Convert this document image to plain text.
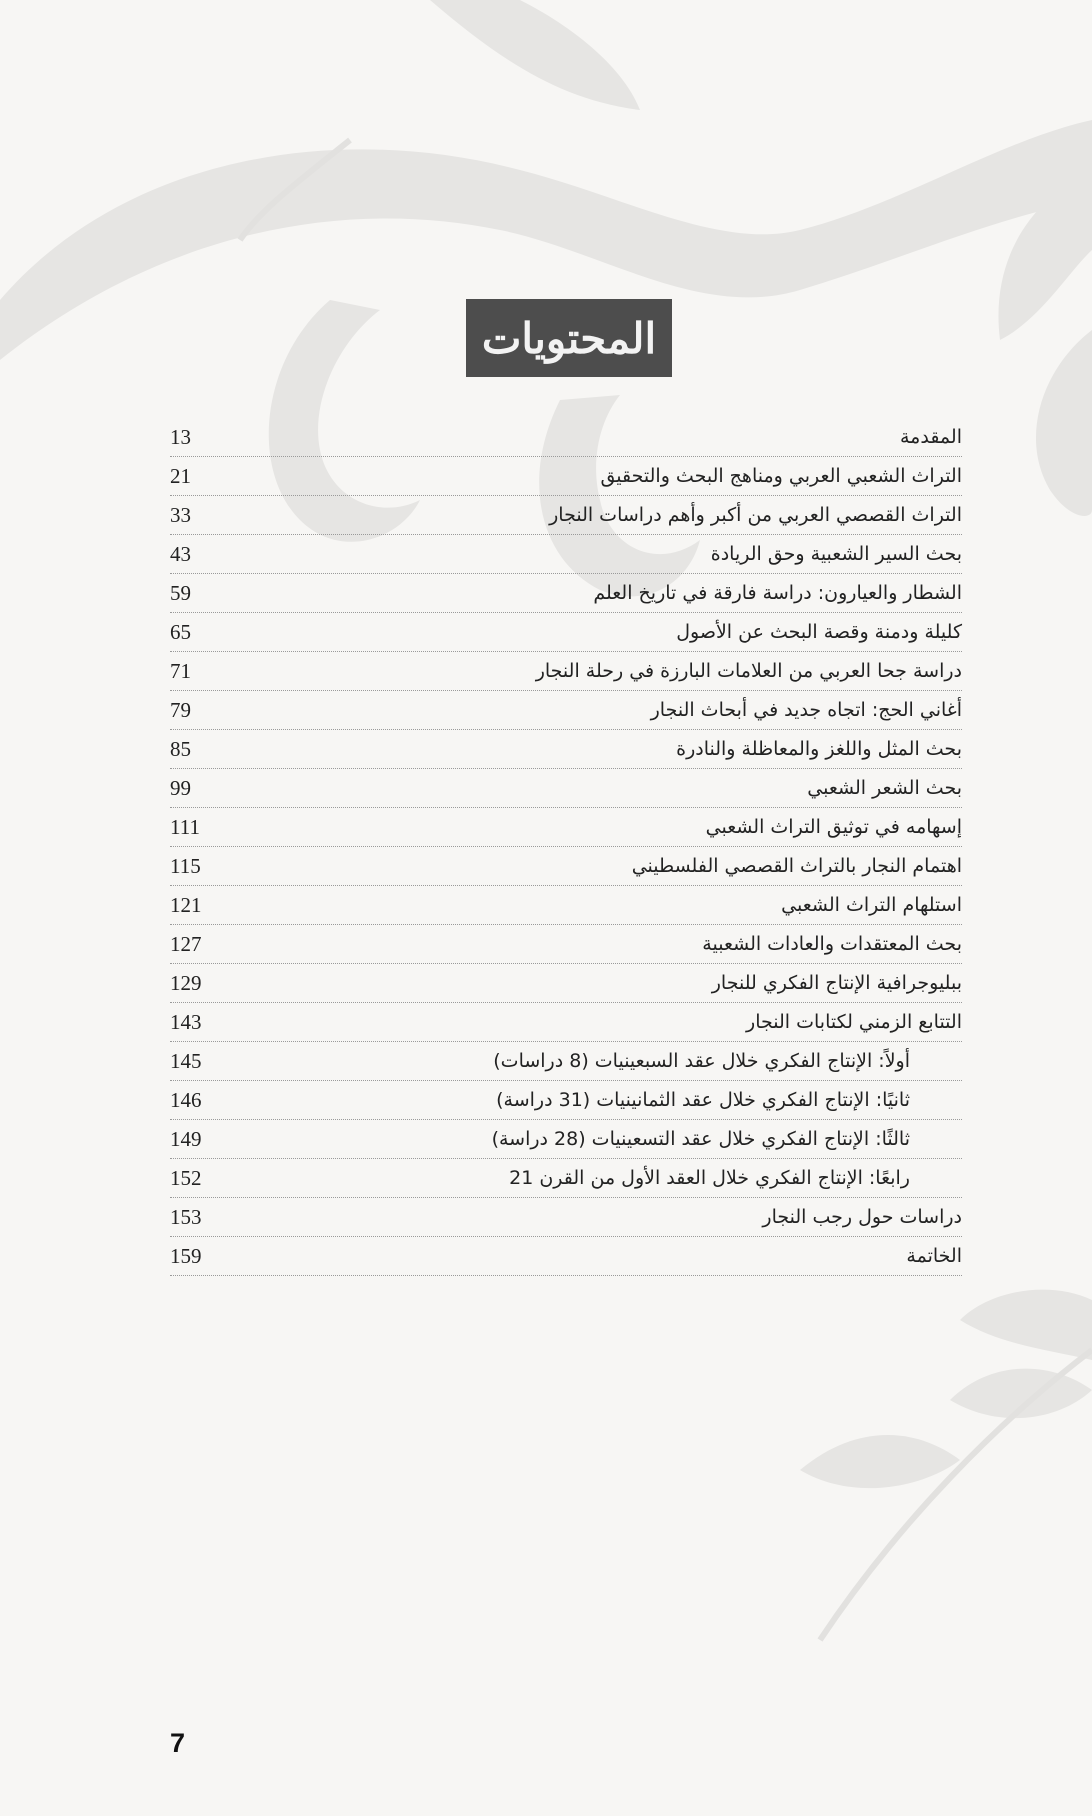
المحتويات
13	المقدمة
21	التراث الشعبي العربي ومناهج البحث والتحقيق
33	التراث القصصي العربي من أكبر وأهم دراسات النجار
43	بحث السير الشعبية وحق الريادة
59	الشطار والعيارون: دراسة فارقة في تاريخ العلم
65	كليلة ودمنة وقصة البحث عن الأصول
71	دراسة جحا العربي من العلامات البارزة في رحلة النجار
79	أغاني الحج: اتجاه جديد في أبحاث النجار
85	بحث المثل واللغز والمعاظلة والنادرة
99	بحث الشعر الشعبي
111	إسهامه في توثيق التراث الشعبي
115	اهتمام النجار بالتراث القصصي الفلسطيني
121	استلهام التراث الشعبي
127	بحث المعتقدات والعادات الشعبية
129	ببليوجرافية الإنتاج الفكري للنجار
143	التتابع الزمني لكتابات النجار
145	أولاً: الإنتاج الفكري خلال عقد السبعينيات (8 دراسات)
146	ثانيًا: الإنتاج الفكري خلال عقد الثمانينيات (31 دراسة)
149	ثالثًا: الإنتاج الفكري خلال عقد التسعينيات (28 دراسة)
152	رابعًا: الإنتاج الفكري خلال العقد الأول من القرن 21
153	دراسات حول رجب النجار
159	الخاتمة
7
